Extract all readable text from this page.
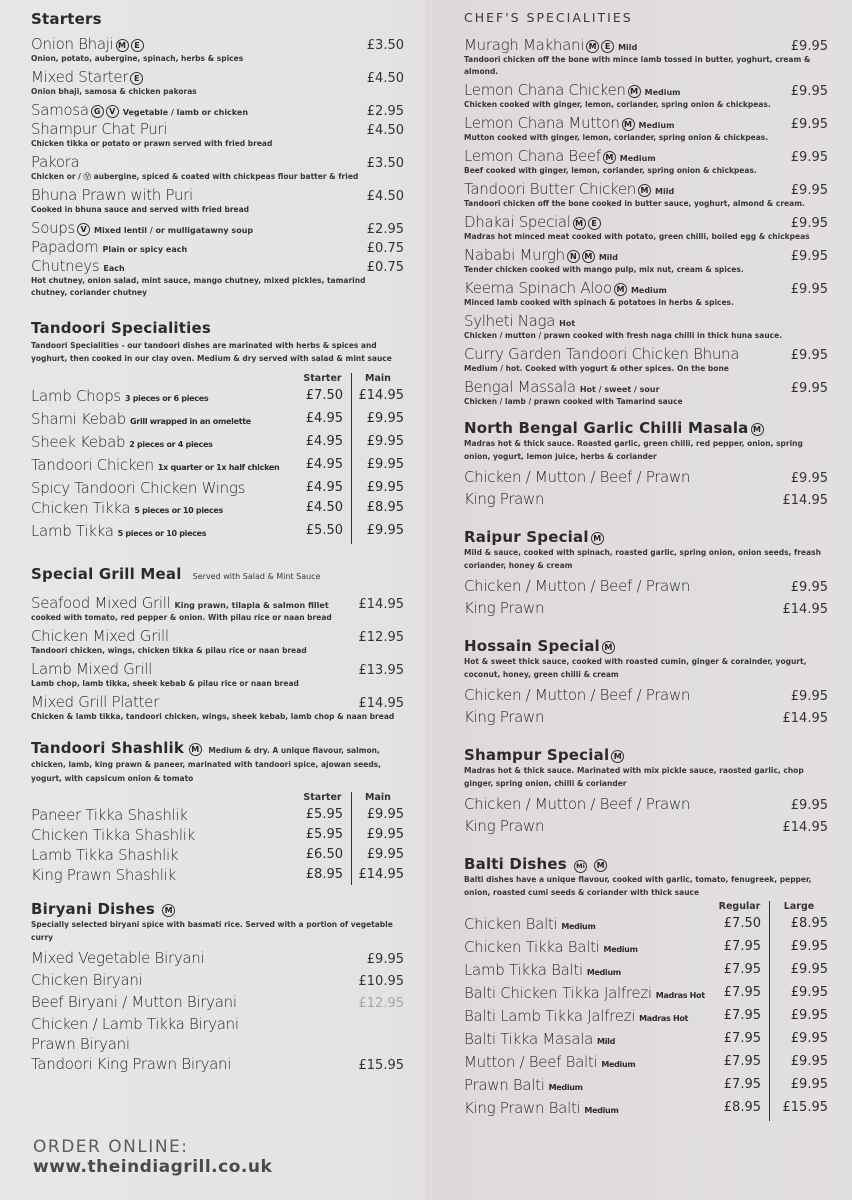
Starters
Onion Bhaji M E	£3.50
Onion, potato, aubergine, spinach, herbs & spices
Mixed Starter E	£4.50
Onion bhaji, samosa & chicken pakoras
Samosa G V Vegetable / lamb or chicken	£2.95
Shampur Chat Puri	£4.50
Chicken tikka or potato or prawn served with fried bread
Pakora	£3.50
Chicken or / Ⓥ aubergine, spiced & coated with chickpeas flour batter & fried
Bhuna Prawn with Puri	£4.50
Cooked in bhuna sauce and served with fried bread
Soups V Mixed lentil / or mulligatawny soup	£2.95
Papadom Plain or spicy each	£0.75
Chutneys Each	£0.75
Hot chutney, onion salad, mint sauce, mango chutney, mixed pickles, tamarind chutney, coriander chutney
Tandoori Specialities
Tandoori Specialities - our tandoori dishes are marinated with herbs & spices and yoghurt, then cooked in our clay oven. Medium & dry served with salad & mint sauce
Starter	Main
Lamb Chops 3 pieces or 6 pieces	£7.50	£14.95
Shami Kebab Grill wrapped in an omelette	£4.95	£9.95
Sheek Kebab 2 pieces or 4 pieces	£4.95	£9.95
Tandoori Chicken 1x quarter or 1x half chicken	£4.95	£9.95
Spicy Tandoori Chicken Wings	£4.95	£9.95
Chicken Tikka 5 pieces or 10 pieces	£4.50	£8.95
Lamb Tikka 5 pieces or 10 pieces	£5.50	£9.95
Special Grill Meal Served with Salad & Mint Sauce
Seafood Mixed Grill King prawn, tilapia & salmon fillet £14.95
cooked with tomato, red pepper & onion. With pilau rice or naan bread
Chicken Mixed Grill	£12.95
Tandoori chicken, wings, chicken tikka & pilau rice or naan bread
Lamb Mixed Grill	£13.95
Lamb chop, lamb tikka, sheek kebab & pilau rice or naan bread
Mixed Grill Platter	£14.95
Chicken & lamb tikka, tandoori chicken, wings, sheek kebab, lamb chop & naan bread
Tandoori Shashlik M Medium & dry. A unique flavour, salmon, chicken, lamb, king prawn & paneer, marinated with tandoori spice, ajowan seeds, yogurt, with capsicum onion & tomato
Starter	Main
Paneer Tikka Shashlik	£5.95	£9.95
Chicken Tikka Shashlik	£5.95	£9.95
Lamb Tikka Shashlik	£6.50	£9.95
King Prawn Shashlik	£8.95	£14.95
Biryani Dishes M
Specially selected biryani spice with basmati rice. Served with a portion of vegetable curry
Mixed Vegetable Biryani	£9.95
Chicken Biryani	£10.95
Beef Biryani / Mutton Biryani	£12.95
Chicken / Lamb Tikka Biryani
Prawn Biryani
Tandoori King Prawn Biryani	£15.95
ORDER ONLINE: www.theindiagrill.co.uk
CHEF'S SPECIALITIES
Muragh Makhani M E Mild	£9.95
Tandoori chicken off the bone with mince lamb tossed in butter, yoghurt, cream & almond.
Lemon Chana Chicken M Medium	£9.95
Chicken cooked with ginger, lemon, coriander, spring onion & chickpeas.
Lemon Chana Mutton M Medium	£9.95
Mutton cooked with ginger, lemon, coriander, spring onion & chickpeas.
Lemon Chana Beef M Medium	£9.95
Beef cooked with ginger, lemon, coriander, spring onion & chickpeas.
Tandoori Butter Chicken M Mild	£9.95
Tandoori chicken off the bone cooked in butter sauce, yoghurt, almond & cream.
Dhakai Special M E	£9.95
Madras hot minced meat cooked with potato, green chilli, boiled egg & chickpeas
Nababi Murgh N M Mild	£9.95
Tender chicken cooked with mango pulp, mix nut, cream & spices.
Keema Spinach Aloo M Medium	£9.95
Minced lamb cooked with spinach & potatoes in herbs & spices.
Sylheti Naga Hot
Chicken / mutton / prawn cooked with fresh naga chilli in thick huna sauce.
Curry Garden Tandoori Chicken Bhuna	£9.95
Medium / hot. Cooked with yogurt & other spices. On the bone
Bengal Massala Hot / sweet / sour	£9.95
Chicken / lamb / prawn cooked with Tamarind sauce
North Bengal Garlic Chilli Masala M
Madras hot & thick sauce. Roasted garlic, green chilli, red pepper, onion, spring onion, yogurt, lemon juice, herbs & coriander
Chicken / Mutton / Beef / Prawn	£9.95
King Prawn	£14.95
Raipur Special M
Mild & sauce, cooked with spinach, roasted garlic, spring onion, onion seeds, freash coriander, honey & cream
Chicken / Mutton / Beef / Prawn	£9.95
King Prawn	£14.95
Hossain Special M
Hot & sweet thick sauce, cooked with roasted cumin, ginger & corainder, yogurt, coconut, honey, green chilli & cream
Chicken / Mutton / Beef / Prawn	£9.95
King Prawn	£14.95
Shampur Special M
Madras hot & thick sauce. Marinated with mix pickle sauce, raosted garlic, chop ginger, spring onion, chilli & coriander
Chicken / Mutton / Beef / Prawn	£9.95
King Prawn	£14.95
Balti Dishes Mi M
Balti dishes have a unique flavour, cooked with garlic, tomato, fenugreek, pepper, onion, roasted cumi seeds & coriander with thick sauce
Regular	Large
Chicken Balti Medium	£7.50	£8.95
Chicken Tikka Balti Medium	£7.95	£9.95
Lamb Tikka Balti Medium	£7.95	£9.95
Balti Chicken Tikka Jalfrezi Madras Hot	£7.95	£9.95
Balti Lamb Tikka Jalfrezi Madras Hot	£7.95	£9.95
Balti Tikka Masala Mild	£7.95	£9.95
Mutton / Beef Balti Medium	£7.95	£9.95
Prawn Balti Medium	£7.95	£9.95
King Prawn Balti Medium	£8.95	£15.95
